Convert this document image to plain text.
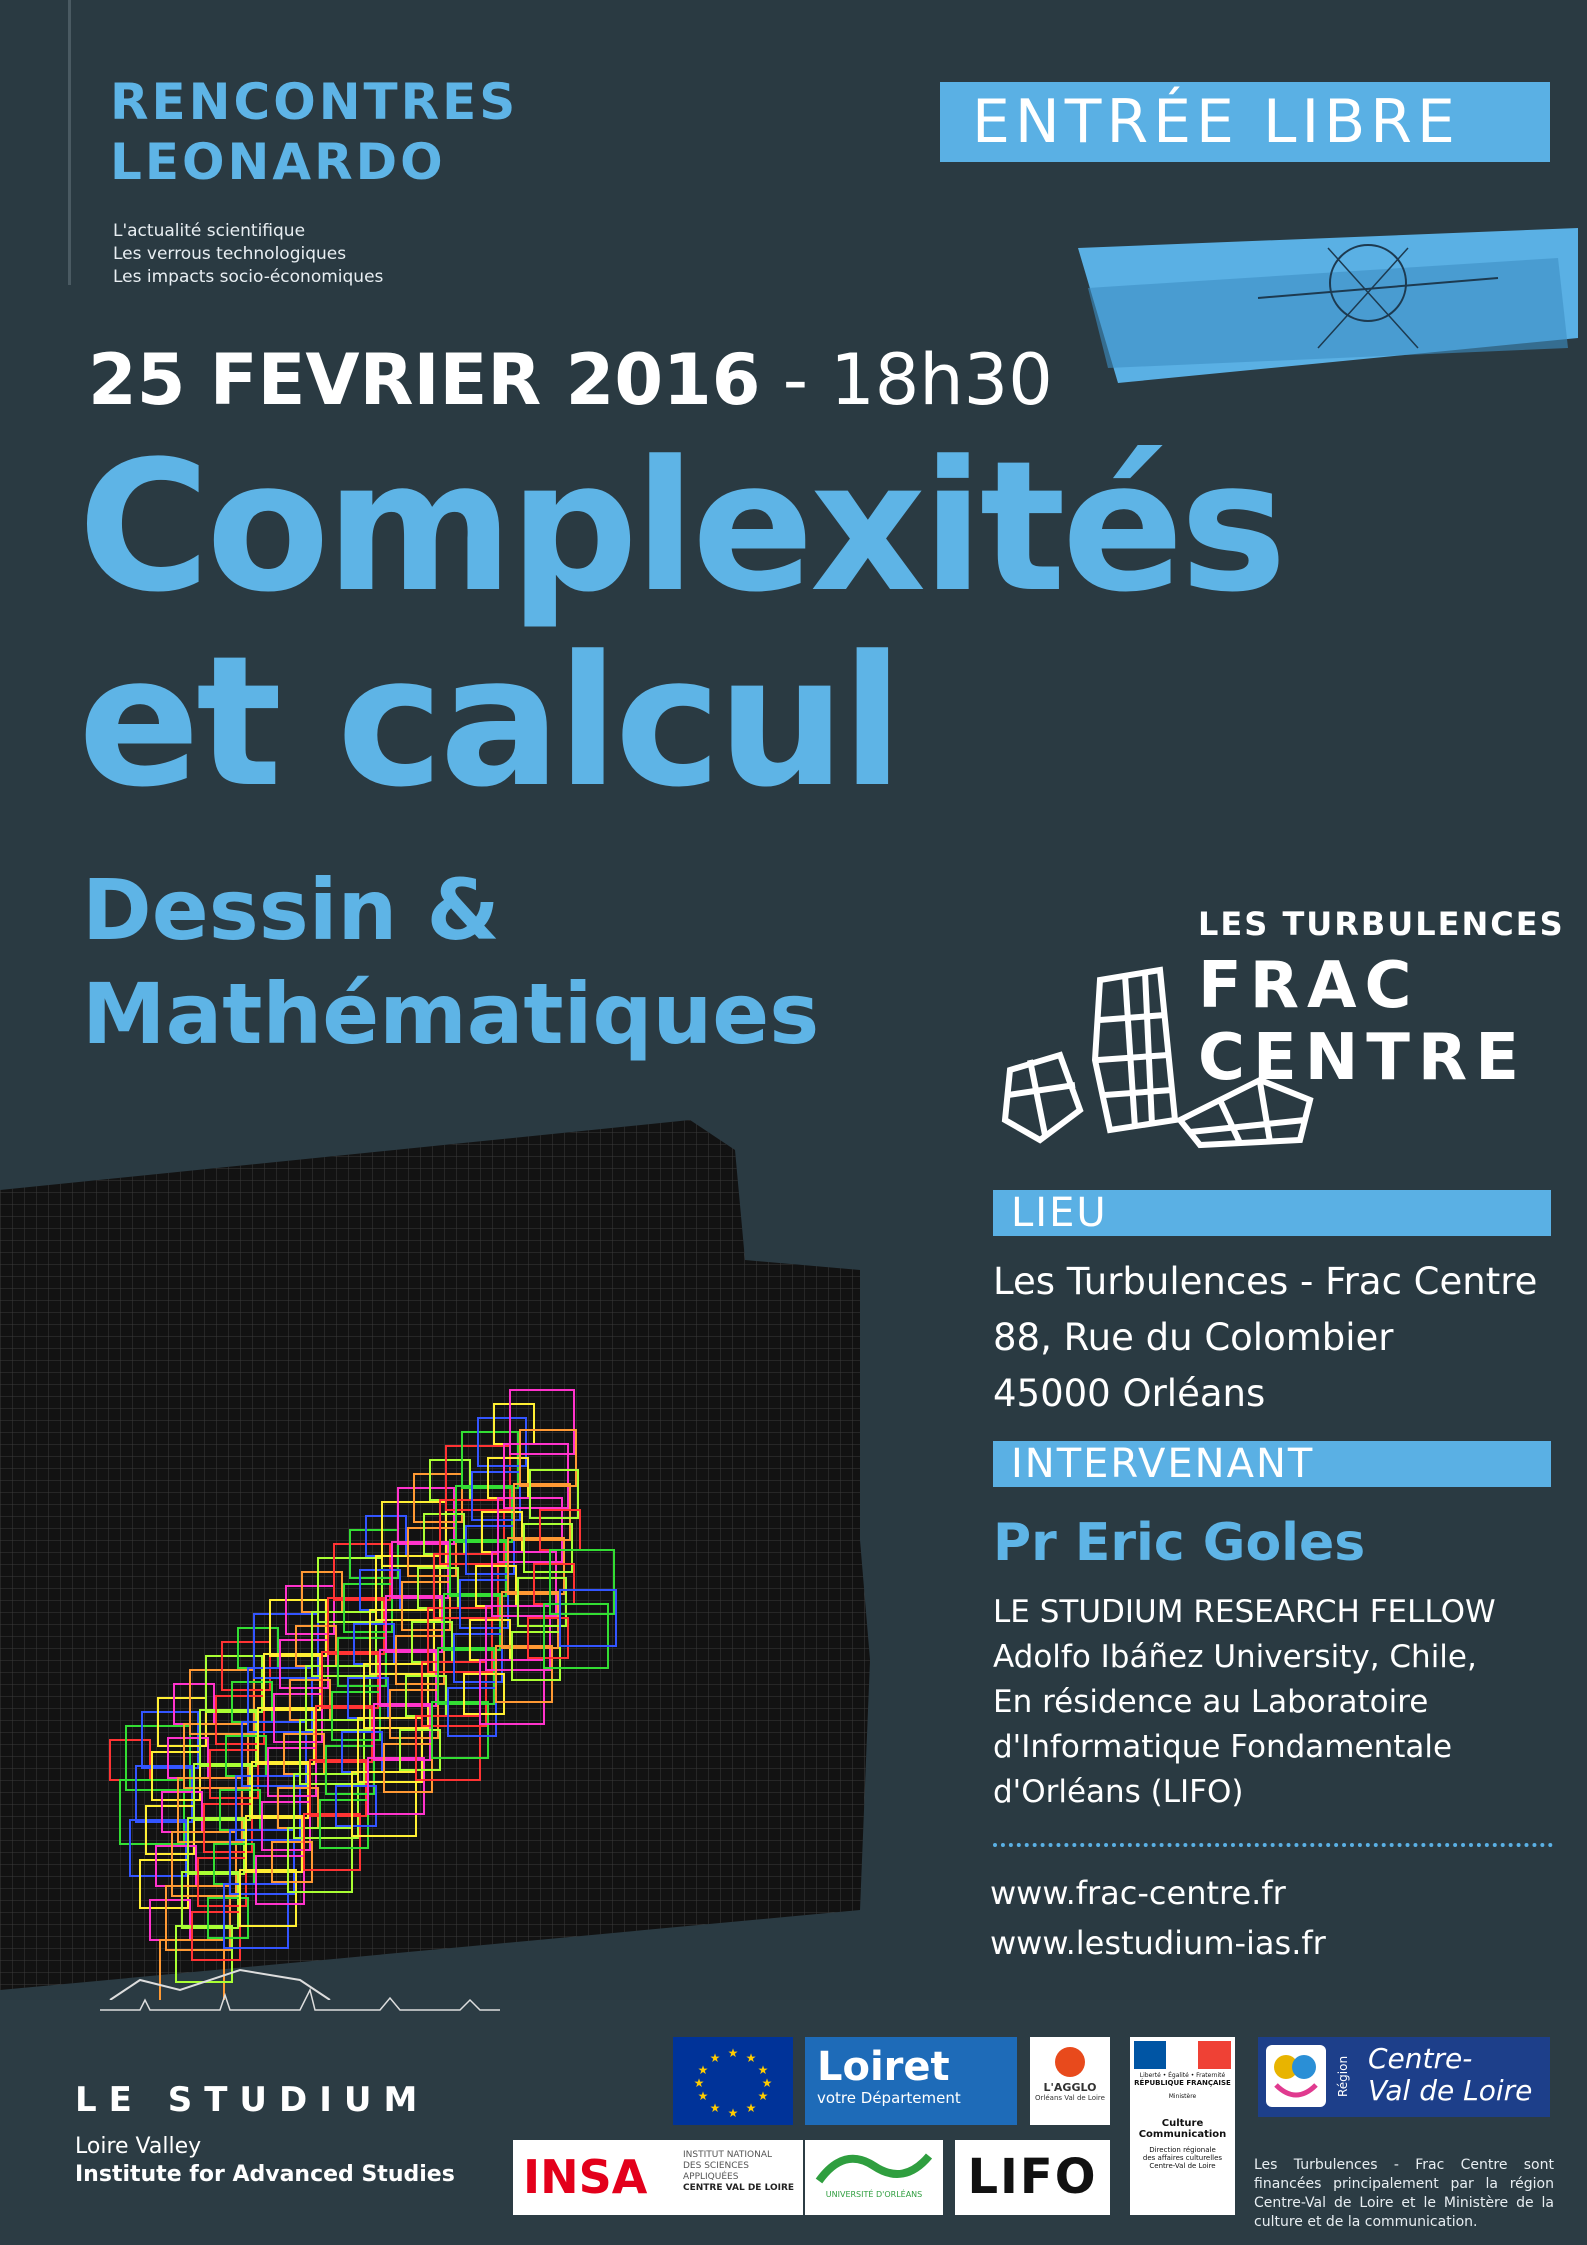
RENCONTRES
LEONARDO
L'actualité scientifique
Les verrous technologiques
Les impacts socio-économiques
ENTRÉE LIBRE
25 FEVRIER 2016 - 18h30
Complexités
et calcul
Dessin &
Mathématiques
LES TURBULENCES
FRAC
CENTRE
LIEU
Les Turbulences - Frac Centre
88, Rue du Colombier
45000 Orléans
INTERVENANT
Pr Eric Goles
LE STUDIUM RESEARCH FELLOW
Adolfo Ibáñez University, Chile,
En résidence au Laboratoire
d'Informatique Fondamentale
d'Orléans (LIFO)
www.frac-centre.fr
www.lestudium-ias.fr
LE STUDIUM
Loire Valley
Institute for Advanced Studies
★ ★
★
★
★
★
★
★
★
★
★
★ Loiret
votre Département
L'AGGLO
Orléans Val de Loire
Liberté • Égalité • Fraternité
RÉPUBLIQUE FRANÇAISE
Ministère
Culture
Communication
Direction régionale
des affaires culturelles
Centre-Val de Loire
Région Centre-
Val de Loire
INSA	INSTITUT NATIONAL
DES SCIENCES
APPLIQUÉES
CENTRE VAL DE LOIRE
UNIVERSITÉ D'ORLÉANS LIFO	Les Turbulences - Frac Centre sont financées principalement par la région Centre-Val de Loire et le Ministère de la culture et de la communication.
